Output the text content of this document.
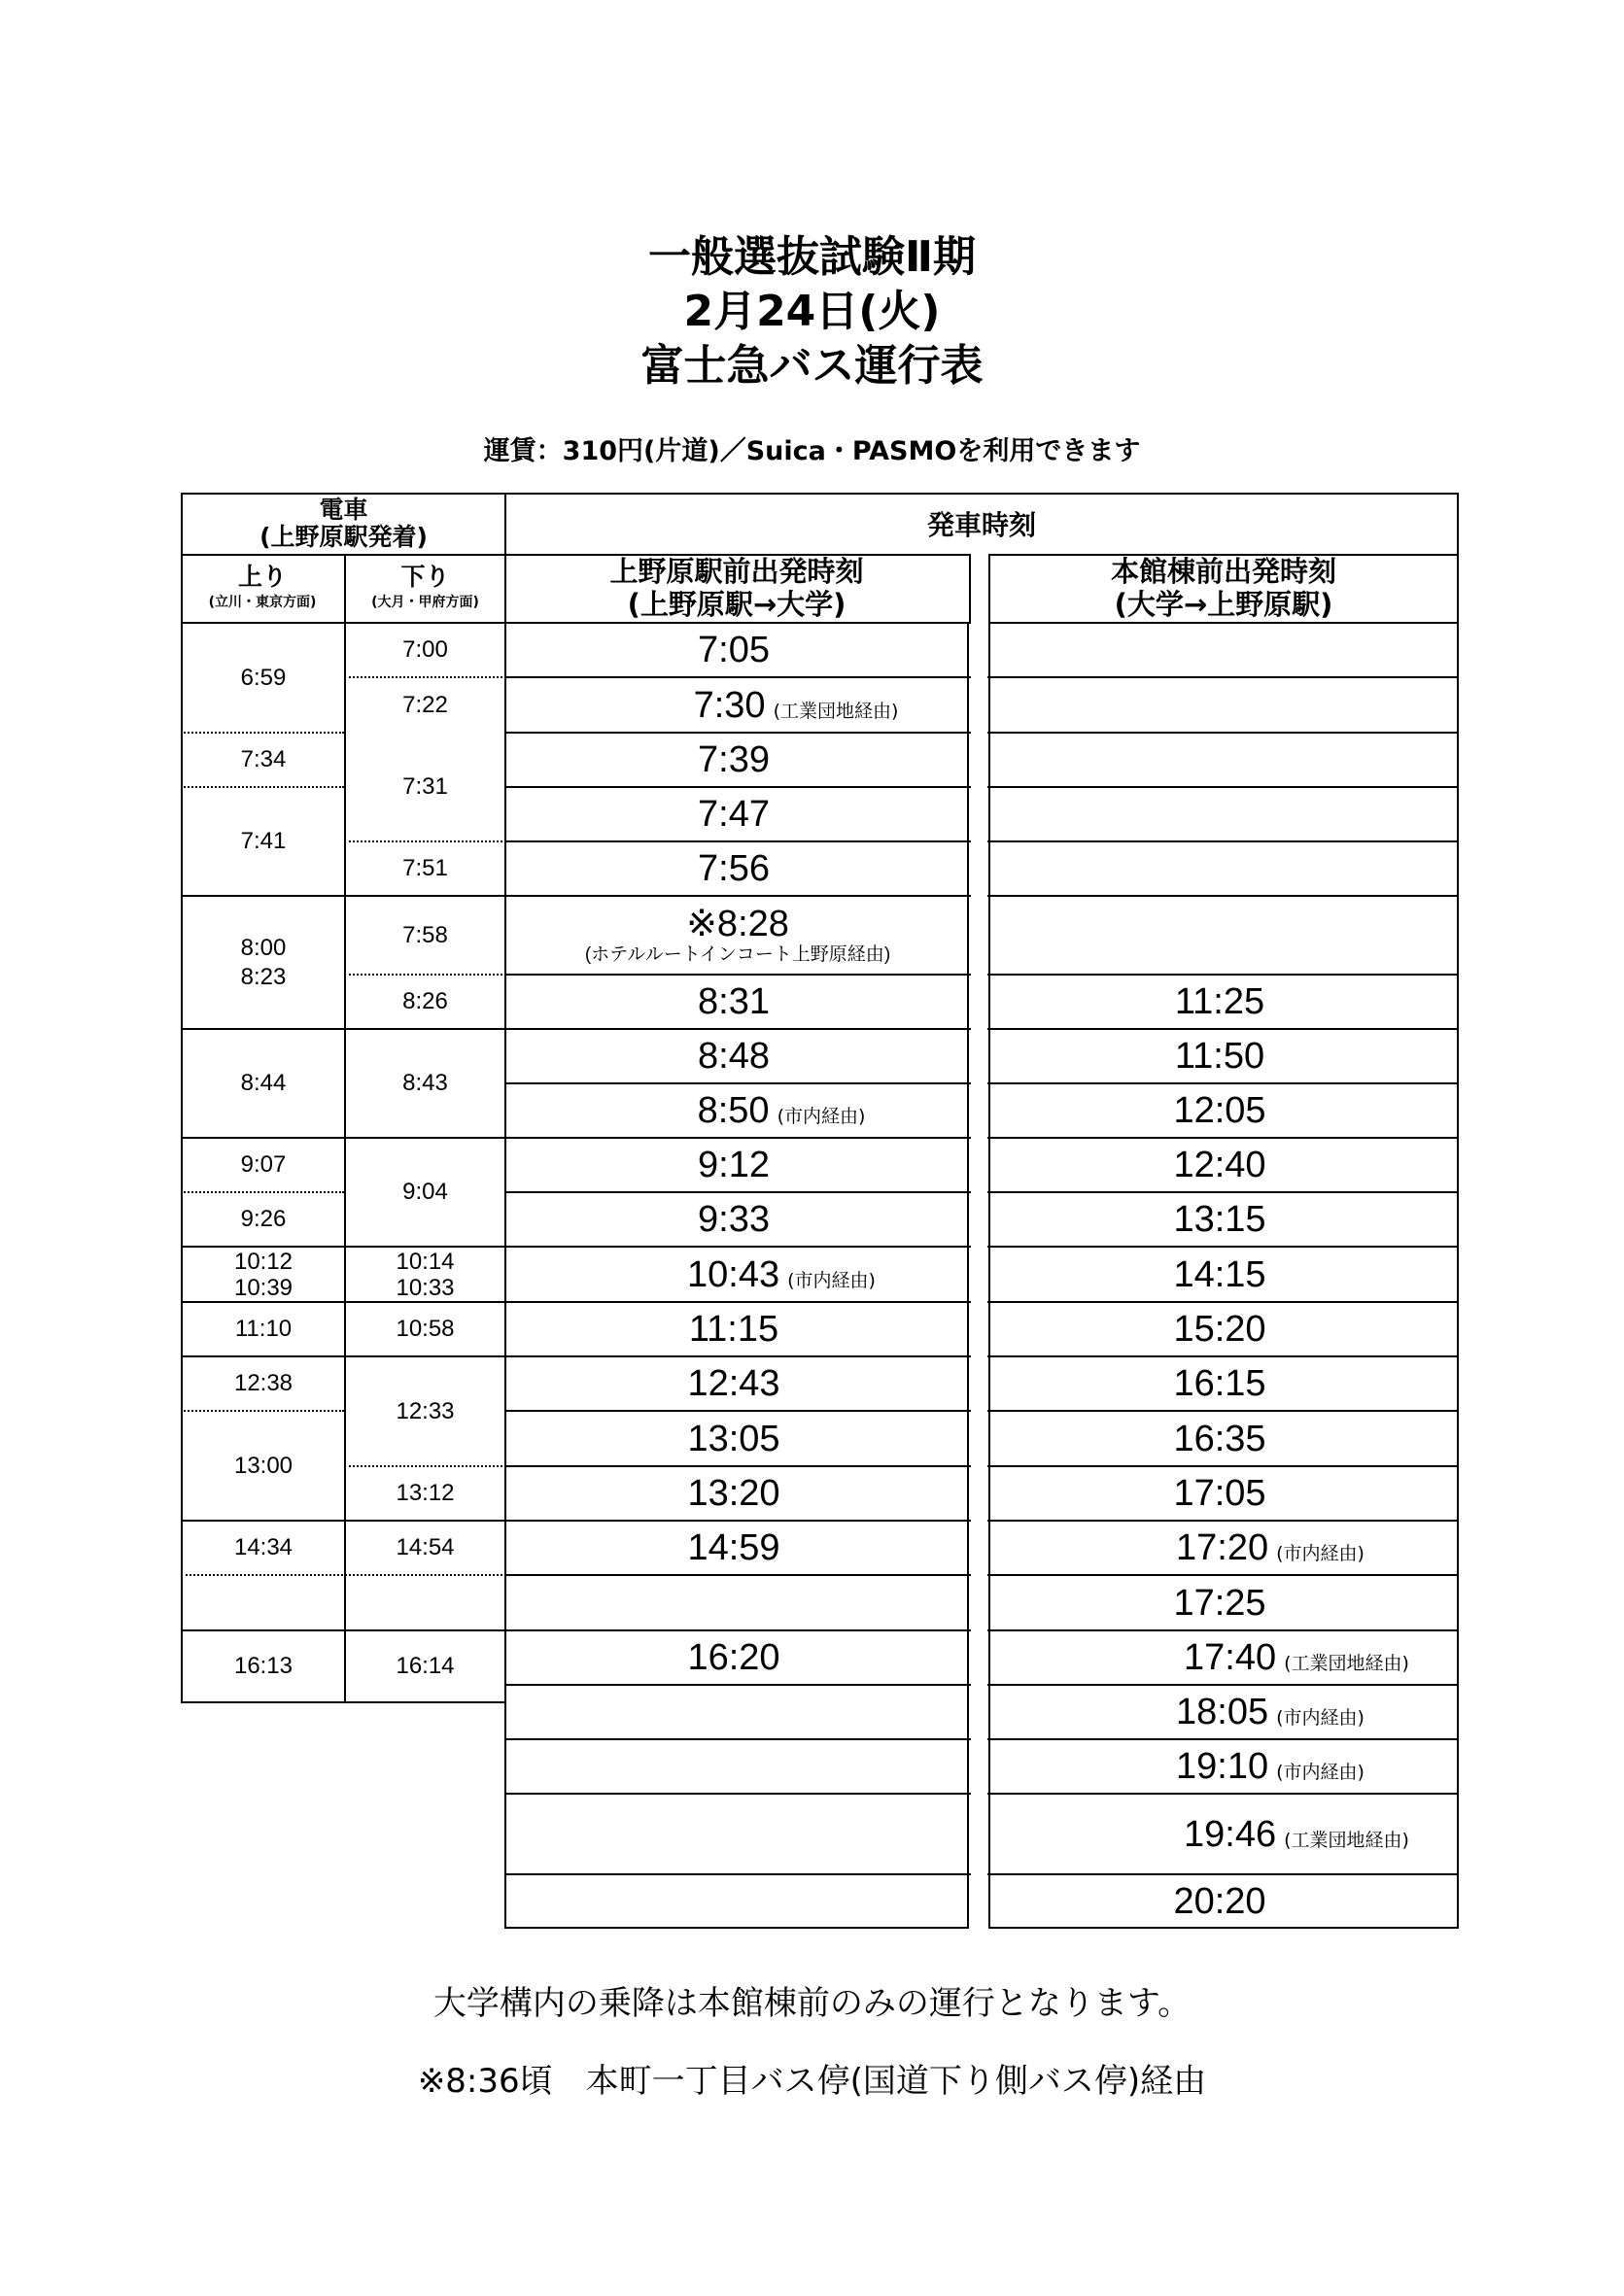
一般選抜試験Ⅱ期
2月24日(火)
富士急バス運行表
運賃：310円(片道)／Suica・PASMOを利用できます
電車
(上野原駅発着)
上り
(立川・東京方面)
下り
(大月・甲府方面)
発車時刻
上野原駅前出発時刻
(上野原駅→大学)
本館棟前出発時刻
(大学→上野原駅)
6:59
7:34
7:41
8:00
8:23
8:44
9:07
9:26
10:12
10:39
11:10
12:38
13:00
14:34
16:13
7:00
7:22
7:31
7:51
7:58
8:26
8:43
9:04
10:14
10:33
10:58
12:33
13:12
14:54
16:14
7:05
7:30 (工業団地経由)
7:39
7:47
7:56
※8:28
(ホテルルートインコート上野原経由)
8:31
8:48
8:50 (市内経由)
9:12
9:33
10:43 (市内経由)
11:15
12:43
13:05
13:20
14:59
16:20
11:25
11:50
12:05
12:40
13:15
14:15
15:20
16:15
16:35
17:05
17:20 (市内経由)
17:25
17:40 (工業団地経由)
18:05 (市内経由)
19:10 (市内経由)
19:46 (工業団地経由)
20:20
大学構内の乗降は本館棟前のみの運行となります。
※8:36頃　本町一丁目バス停(国道下り側バス停)経由
